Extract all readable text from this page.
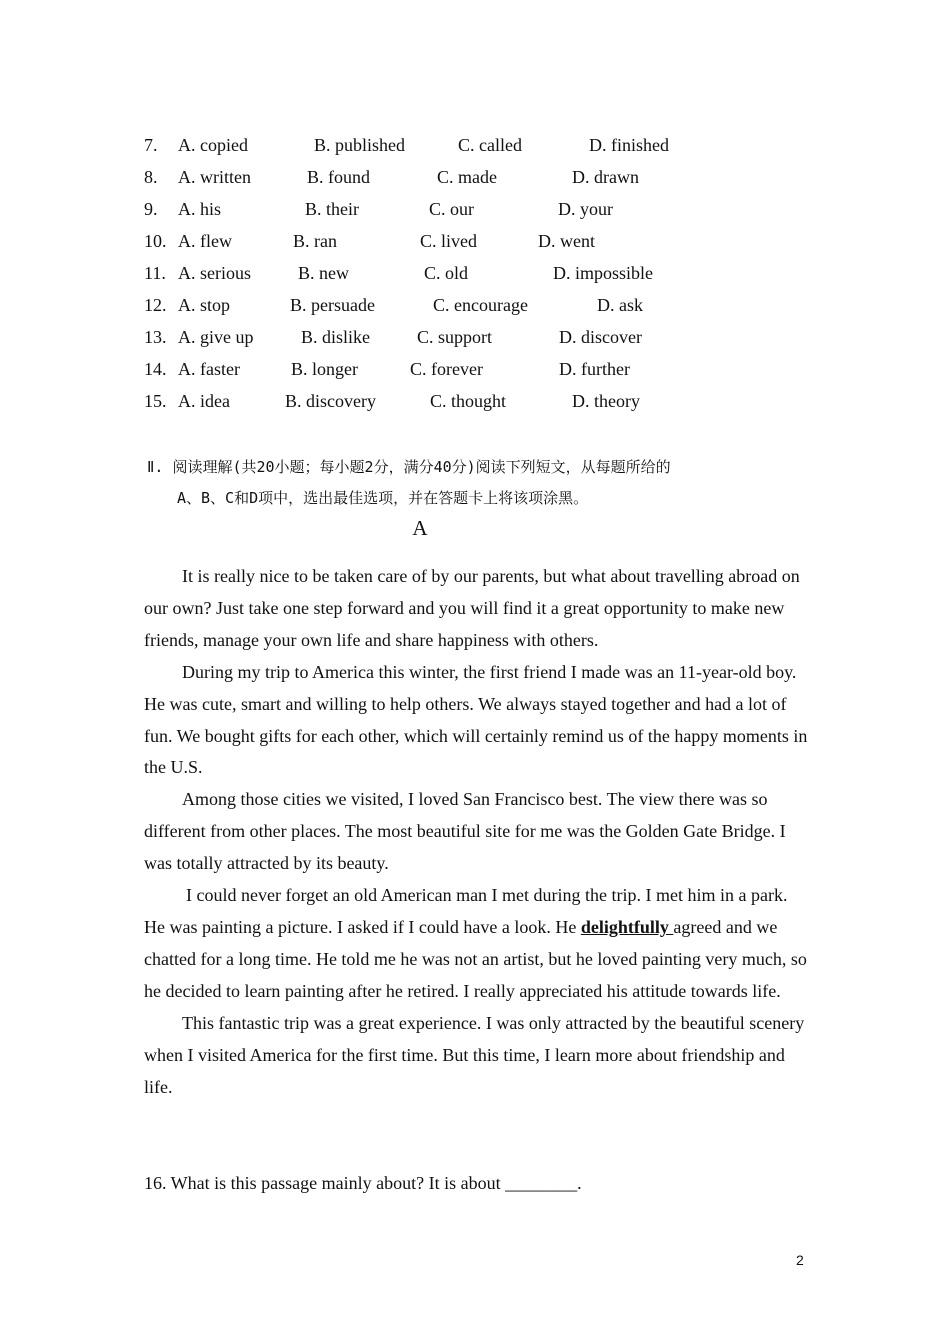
7. A. copied	B. published	C. called	D. finished
8. A. written	B. found	C. made	D. drawn
9. A. his	B. their	C. our	D. your
10. A. flew	B. ran	C. lived	D. went
11. A. serious	B. new	C. old	D. impossible
12. A. stop	B. persuade	C. encourage	D. ask
13. A. give up	B. dislike	C. support	D. discover
14. A. faster	B. longer	C. forever	D. further
15. A. idea	B. discovery	C. thought	D. theory
Ⅱ. 阅读理解(共20小题；每小题2分，满分40分)阅读下列短文，从每题所给的
A、B、C和D项中，选出最佳选项，并在答题卡上将该项涂黑。
A

It is really nice to be taken care of by our parents, but what about travelling abroad on our own? Just take one step forward and you will find it a great opportunity to make new friends, manage your own life and share happiness with others.

During my trip to America this winter, the first friend I made was an 11-year-old boy. He was cute, smart and willing to help others. We always stayed together and had a lot of fun. We bought gifts for each other, which will certainly remind us of the happy moments in the U.S.

Among those cities we visited, I loved San Francisco best. The view there was so different from other places. The most beautiful site for me was the Golden Gate Bridge. I was totally attracted by its beauty.

I could never forget an old American man I met during the trip. I met him in a park. He was painting a picture. I asked if I could have a look. He delightfully agreed and we chatted for a long time. He told me he was not an artist, but he loved painting very much, so he decided to learn painting after he retired. I really appreciated his attitude towards life.

This fantastic trip was a great experience. I was only attracted by the beautiful scenery when I visited America for the first time. But this time, I learn more about friendship and life.

16. What is this passage mainly about? It is about ________.
2
